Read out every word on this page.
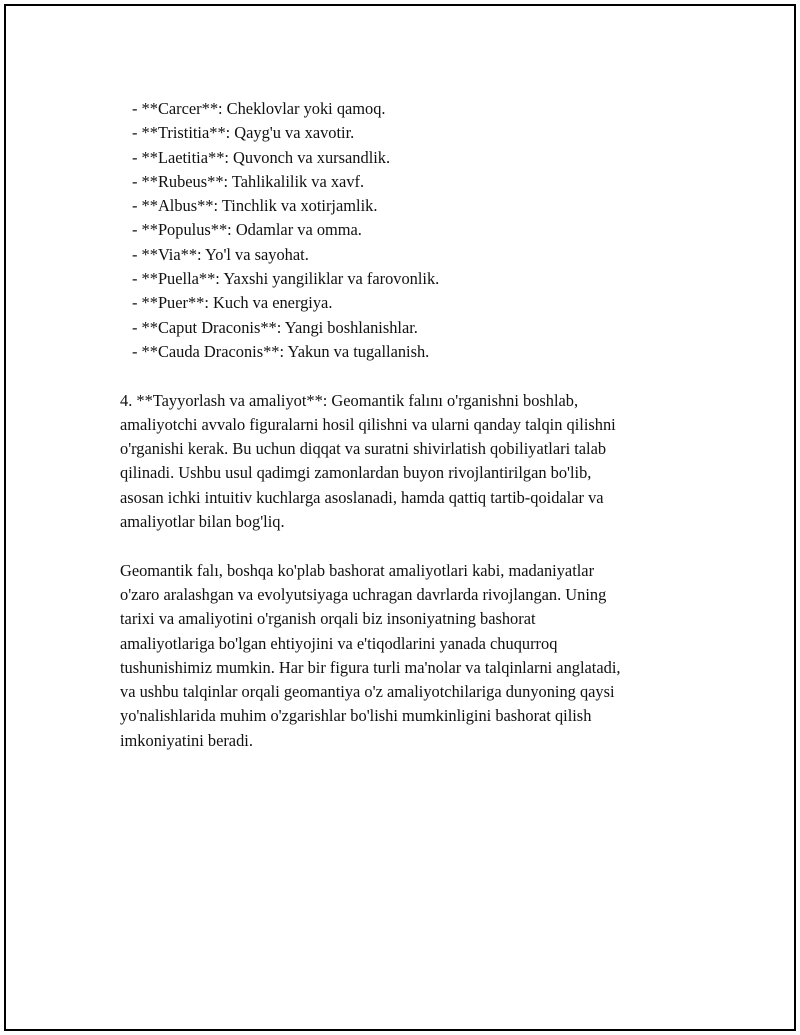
- **Carcer**: Cheklovlar yoki qamoq.
- **Tristitia**: Qayg'u va xavotir.
- **Laetitia**: Quvonch va xursandlik.
- **Rubeus**: Tahlikalilik va xavf.
- **Albus**: Tinchlik va xotirjamlik.
- **Populus**: Odamlar va omma.
- **Via**: Yo'l va sayohat.
- **Puella**: Yaxshi yangiliklar va farovonlik.
- **Puer**: Kuch va energiya.
- **Caput Draconis**: Yangi boshlanishlar.
- **Cauda Draconis**: Yakun va tugallanish.
4. **Tayyorlash va amaliyot**: Geomantik falını o'rganishni boshlab,
amaliyotchi avvalo figuralarni hosil qilishni va ularni qanday talqin qilishni
o'rganishi kerak. Bu uchun diqqat va suratni shivirlatish qobiliyatlari talab
qilinadi. Ushbu usul qadimgi zamonlardan buyon rivojlantirilgan bo'lib,
asosan ichki intuitiv kuchlarga asoslanadi, hamda qattiq tartib-qoidalar va
amaliyotlar bilan bog'liq.
Geomantik falı, boshqa ko'plab bashorat amaliyotlari kabi, madaniyatlar
o'zaro aralashgan va evolyutsiyaga uchragan davrlarda rivojlangan. Uning
tarixi va amaliyotini o'rganish orqali biz insoniyatning bashorat
amaliyotlariga bo'lgan ehtiyojini va e'tiqodlarini yanada chuqurroq
tushunishimiz mumkin. Har bir figura turli ma'nolar va talqinlarni anglatadi,
va ushbu talqinlar orqali geomantiya o'z amaliyotchilariga dunyoning qaysi
yo'nalishlarida muhim o'zgarishlar bo'lishi mumkinligini bashorat qilish
imkoniyatini beradi.
